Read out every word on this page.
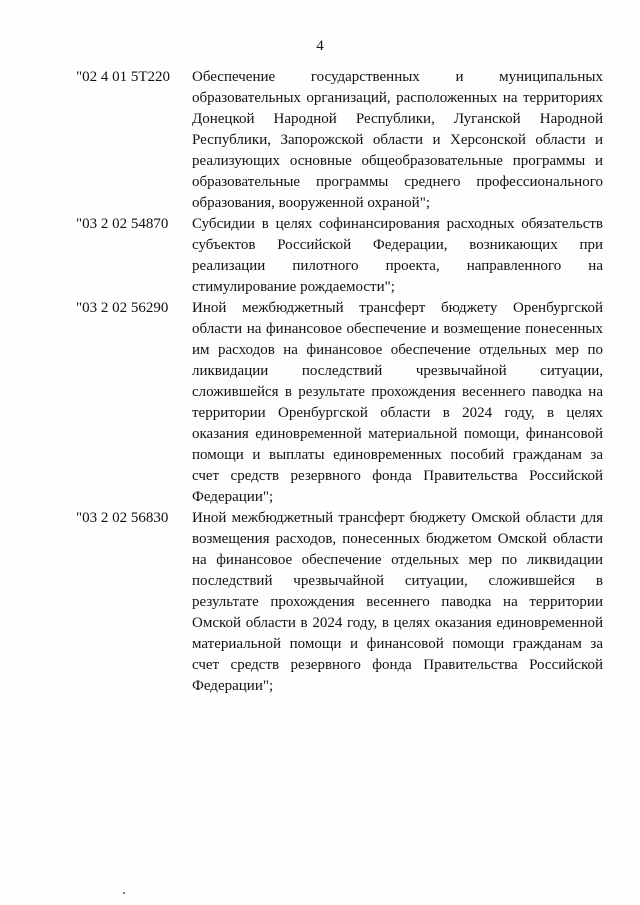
4
"02 4 01 5Т220	Обеспечение государственных и муниципальных образовательных организаций, расположенных на территориях Донецкой Народной Республики, Луганской Народной Республики, Запорожской области и Херсонской области и реализующих основные общеобразовательные программы и образовательные программы среднего профессионального образования, вооруженной охраной";
"03 2 02 54870	Субсидии в целях софинансирования расходных обязательств субъектов Российской Федерации, возникающих при реализации пилотного проекта, направленного на стимулирование рождаемости";
"03 2 02 56290	Иной межбюджетный трансферт бюджету Оренбургской области на финансовое обеспечение и возмещение понесенных им расходов на финансовое обеспечение отдельных мер по ликвидации последствий чрезвычайной ситуации, сложившейся в результате прохождения весеннего паводка на территории Оренбургской области в 2024 году, в целях оказания единовременной материальной помощи, финансовой помощи и выплаты единовременных пособий гражданам за счет средств резервного фонда Правительства Российской Федерации";
"03 2 02 56830	Иной межбюджетный трансферт бюджету Омской области для возмещения расходов, понесенных бюджетом Омской области на финансовое обеспечение отдельных мер по ликвидации последствий чрезвычайной ситуации, сложившейся в результате прохождения весеннего паводка на территории Омской области в 2024 году, в целях оказания единовременной материальной помощи и финансовой помощи гражданам за счет средств резервного фонда Правительства Российской Федерации";
